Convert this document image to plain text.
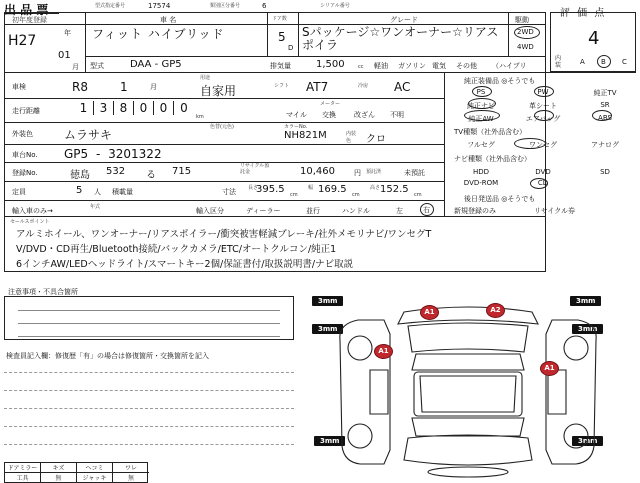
出 品 票	型式指定番号	17574	類別区分番号	6	シリアル番号
評 価 点
4
初年度登録
H27	年
01
月
車 名
フィット ハイブリッド
ドア数
5
D
グレード
Sパッケージ☆ワンオーナー☆リアスポイラ
駆動
2WD
4WD
型式	DAA - GP5	排気量	1,500	cc 軽油 ガソリン 電気 その他 （ハイブリ
内装	A B C
車検	R8	1	月
用途
自家用	シフト AT7	冷房 AC
走行距離	1	3	8	0	0	0
km
メーター
マイル 交換	改ざん 不明
外装色	ムラサキ
色替(元色)	カラーNo.
NH821M	内装色	クロ
車台No. GP5 - 3201322
登録No.	徳島 532 る 715	リサイクル預託金	10,460	円 預託済	未預託
定員	5 人 積載量	寸法 長さ
395.5 cm
幅 169.5 cm
高さ 152.5 cm
輸入車のみ→	年式	輸入区分	ディーラー	並行	ハンドル	左	右
純正装備品 ◎そうでも
PS	PW	純正TV
純正ナビ	革シート	SR
純正AW	エアバッグ	ABS
TV種類（社外品含む）
フルセグ	ワンセグ	アナログ
ナビ種類（社外品含む）
HDD	DVD	SD
DVD-ROM	CD
後日発送品 ◎そうでも
新規登録のみ	リサイクル券
セールスポイント
アルミホイール、ワンオーナー/リアスポイラー/衝突被害軽減ブレーキ/社外メモリナビ/ワンセグT
V/DVD・CD再生/Bluetooth接続/バックカメラ/ETC/オートクルコン/純正1
6インチAW/LEDヘッドライト/スマートキー2個/保証書付/取扱説明書/ナビ取説
注意事項・不具合箇所
検査員記入欄：修復歴「有」の場合は修復箇所・交換箇所を記入
ドアミラー	キズ	ヘコミ	ワレ
工具	無	ジャッキ	無
3mm	3mm
3mm	3mm
3mm	3mm
A1	A2
A1
A1
